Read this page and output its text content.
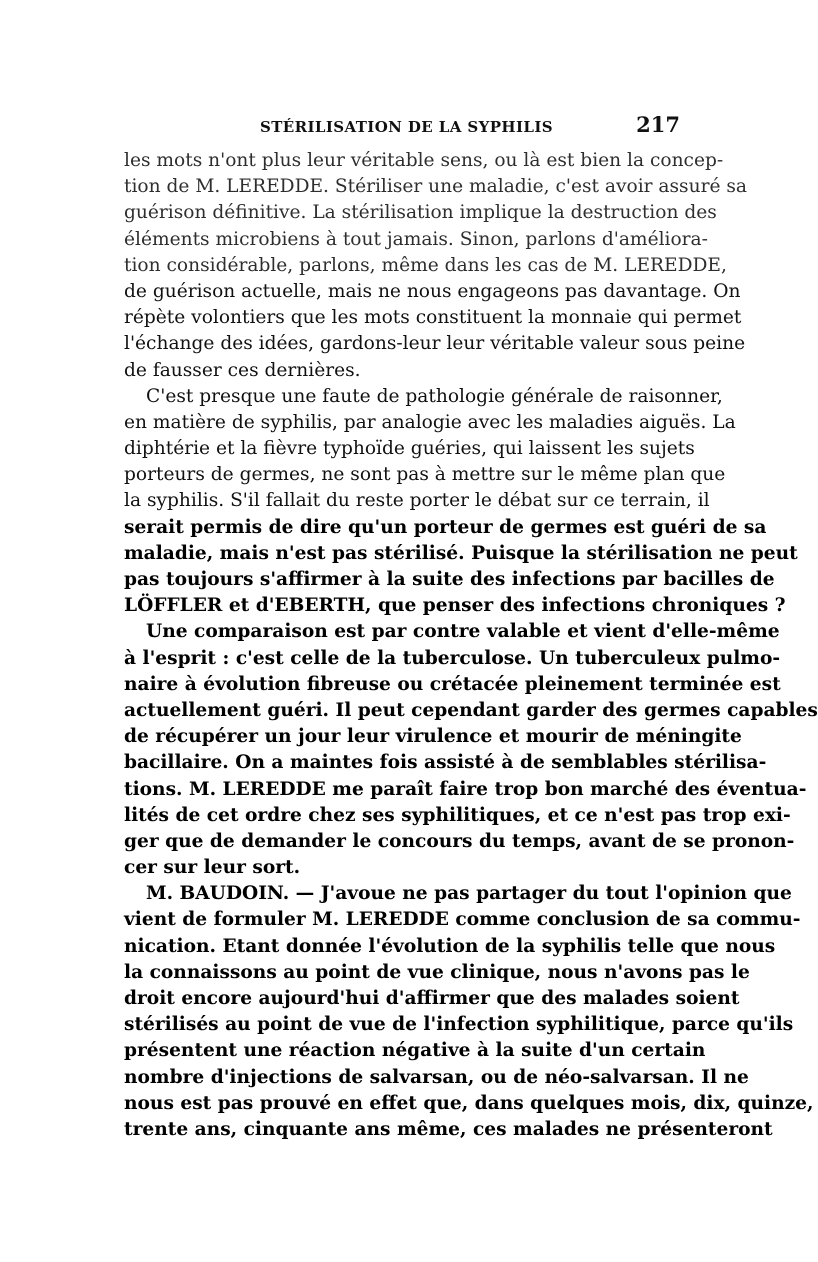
STÉRILISATION DE LA SYPHILIS	217
les mots n'ont plus leur véritable sens, ou là est bien la concep-
tion de M. LEREDDE. Stériliser une maladie, c'est avoir assuré sa
guérison définitive. La stérilisation implique la destruction des
éléments microbiens à tout jamais. Sinon, parlons d'améliora-
tion considérable, parlons, même dans les cas de M. LEREDDE,
de guérison actuelle, mais ne nous engageons pas davantage. On
répète volontiers que les mots constituent la monnaie qui permet
l'échange des idées, gardons-leur leur véritable valeur sous peine
de fausser ces dernières.
C'est presque une faute de pathologie générale de raisonner,
en matière de syphilis, par analogie avec les maladies aiguës. La
diphtérie et la fièvre typhoïde guéries, qui laissent les sujets
porteurs de germes, ne sont pas à mettre sur le même plan que
la syphilis. S'il fallait du reste porter le débat sur ce terrain, il
serait permis de dire qu'un porteur de germes est guéri de sa
maladie, mais n'est pas stérilisé. Puisque la stérilisation ne peut
pas toujours s'affirmer à la suite des infections par bacilles de
LÖFFLER et d'EBERTH, que penser des infections chroniques ?
Une comparaison est par contre valable et vient d'elle-même
à l'esprit : c'est celle de la tuberculose. Un tuberculeux pulmo-
naire à évolution fibreuse ou crétacée pleinement terminée est
actuellement guéri. Il peut cependant garder des germes capables
de récupérer un jour leur virulence et mourir de méningite
bacillaire. On a maintes fois assisté à de semblables stérilisa-
tions. M. LEREDDE me paraît faire trop bon marché des éventua-
lités de cet ordre chez ses syphilitiques, et ce n'est pas trop exi-
ger que de demander le concours du temps, avant de se pronon-
cer sur leur sort.
M. BAUDOIN. — J'avoue ne pas partager du tout l'opinion que
vient de formuler M. LEREDDE comme conclusion de sa commu-
nication. Etant donnée l'évolution de la syphilis telle que nous
la connaissons au point de vue clinique, nous n'avons pas le
droit encore aujourd'hui d'affirmer que des malades soient
stérilisés au point de vue de l'infection syphilitique, parce qu'ils
présentent une réaction négative à la suite d'un certain
nombre d'injections de salvarsan, ou de néo-salvarsan. Il ne
nous est pas prouvé en effet que, dans quelques mois, dix, quinze,
trente ans, cinquante ans même, ces malades ne présenteront
